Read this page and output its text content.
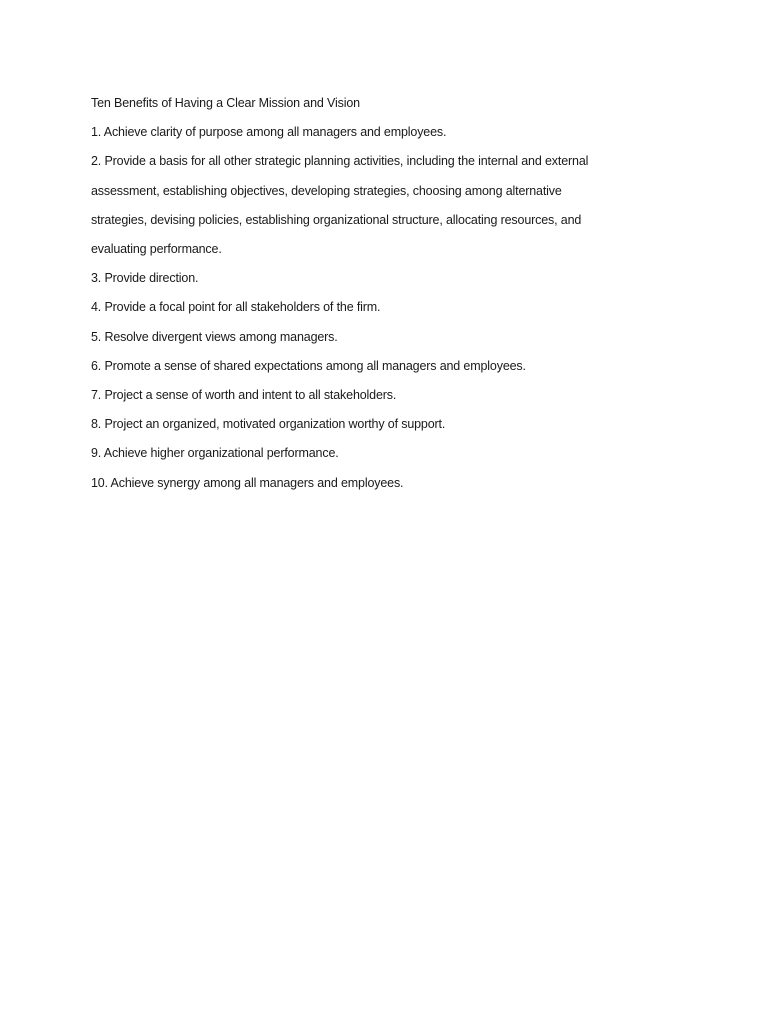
Ten Benefits of Having a Clear Mission and Vision
1. Achieve clarity of purpose among all managers and employees.
2. Provide a basis for all other strategic planning activities, including the internal and external
assessment, establishing objectives, developing strategies, choosing among alternative
strategies, devising policies, establishing organizational structure, allocating resources, and
evaluating performance.
3. Provide direction.
4. Provide a focal point for all stakeholders of the firm.
5. Resolve divergent views among managers.
6. Promote a sense of shared expectations among all managers and employees.
7. Project a sense of worth and intent to all stakeholders.
8. Project an organized, motivated organization worthy of support.
9. Achieve higher organizational performance.
10. Achieve synergy among all managers and employees.
